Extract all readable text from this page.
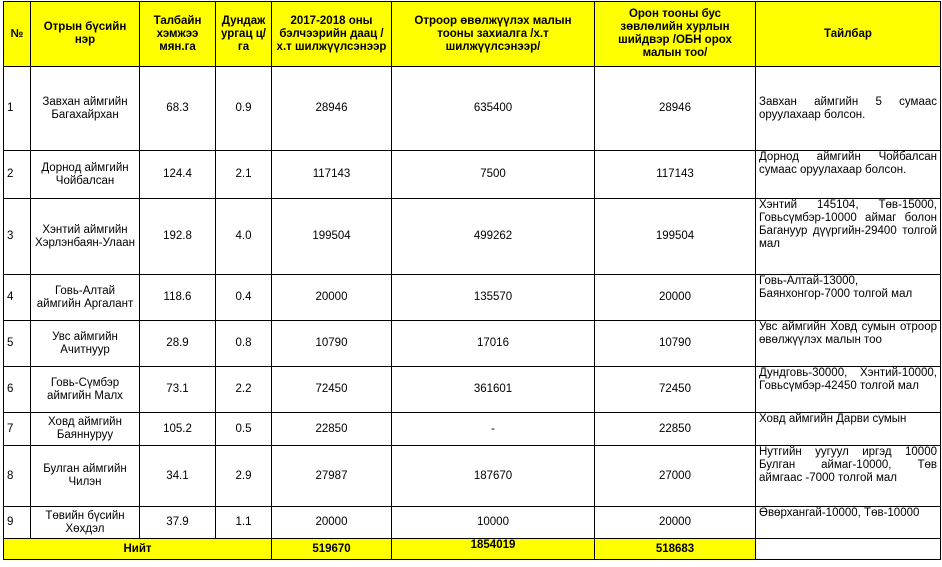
№	Отрын бүсийн нэр	Талбайн хэмжээ мян.га	Дундаж ургац ц/га	2017-2018 оны бэлчээрийн даац /х.т шилжүүлсэнээр	Отроор өвөлжүүлэх малын тооны захиалга /х.т шилжүүлсэнээр/	Орон тооны бус зөвлөлийн хурлын шийдвэр /ОБН орох малын тоо/	Тайлбар
1	Завхан аймгийн Багахайрхан	68.3	0.9	28946	635400	28946	Завхан аймгийн 5 сумаас оруулахаар болсон.
2	Дорнод аймгийн Чойбалсан	124.4	2.1	117143	7500	117143	Дорнод аймгийн Чойбалсан сумаас оруулахаар болсон.
3	Хэнтий аймгийн Хэрлэнбаян-Улаан	192.8	4.0	199504	499262	199504	Хэнтий 145104, Төв-15000, Говьсүмбэр-10000 аймаг болон Багануур дүүргийн-29400 толгой мал
4	Говь-Алтай аймгийн Аргалант	118.6	0.4	20000	135570	20000	Говь-Алтай-13000, Баянхонгор-7000 толгой мал
5	Увс аймгийн Ачитнуур	28.9	0.8	10790	17016	10790	Увс аймгийн Ховд сумын отроор өвөлжүүлэх малын тоо
6	Говь-Сүмбэр аймгийн Малх	73.1	2.2	72450	361601	72450	Дундговь-30000, Хэнтий-10000, Говьсүмбэр-42450 толгой мал
7	Ховд аймгийн Баяннуруу	105.2	0.5	22850	-	22850	Ховд аймгийн Дарви сумын
8	Булган аймгийн Чилэн	34.1	2.9	27987	187670	27000	Нутгийн уугуул иргэд 10000 Булган аймаг-10000, Төв аймгаас -7000 толгой мал
9	Төвийн бүсийн Хөхдэл	37.9	1.1	20000	10000	20000	Өвөрхангай-10000, Төв-10000
Нийт				519670	1854019	518683	
